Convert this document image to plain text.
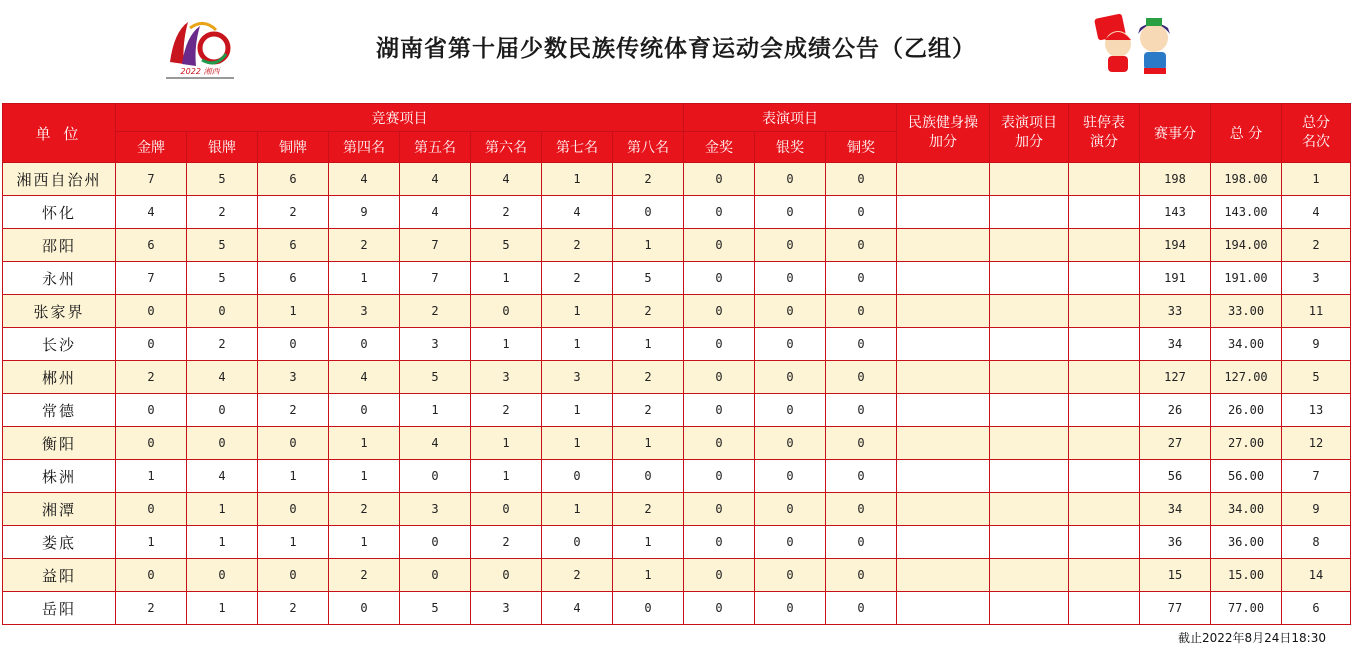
2022 湘西
湖南省第十届少数民族传统体育运动会成绩公告（乙组）
单 位	竞赛项目								表演项目			民族健身操加分	表演项目加分	驻停表演分	赛事分	总 分	总分名次
	金牌	银牌	铜牌	第四名	第五名	第六名	第七名	第八名	金奖	银奖	铜奖						
湘西自治州	7	5	6	4	4	4	1	2	0	0	0				198	198.00	1
怀化	4	2	2	9	4	2	4	0	0	0	0				143	143.00	4
邵阳	6	5	6	2	7	5	2	1	0	0	0				194	194.00	2
永州	7	5	6	1	7	1	2	5	0	0	0				191	191.00	3
张家界	0	0	1	3	2	0	1	2	0	0	0				33	33.00	11
长沙	0	2	0	0	3	1	1	1	0	0	0				34	34.00	9
郴州	2	4	3	4	5	3	3	2	0	0	0				127	127.00	5
常德	0	0	2	0	1	2	1	2	0	0	0				26	26.00	13
衡阳	0	0	0	1	4	1	1	1	0	0	0				27	27.00	12
株洲	1	4	1	1	0	1	0	0	0	0	0				56	56.00	7
湘潭	0	1	0	2	3	0	1	2	0	0	0				34	34.00	9
娄底	1	1	1	1	0	2	0	1	0	0	0				36	36.00	8
益阳	0	0	0	2	0	0	2	1	0	0	0				15	15.00	14
岳阳	2	1	2	0	5	3	4	0	0	0	0				77	77.00	6
截止2022年8月24日18:30
